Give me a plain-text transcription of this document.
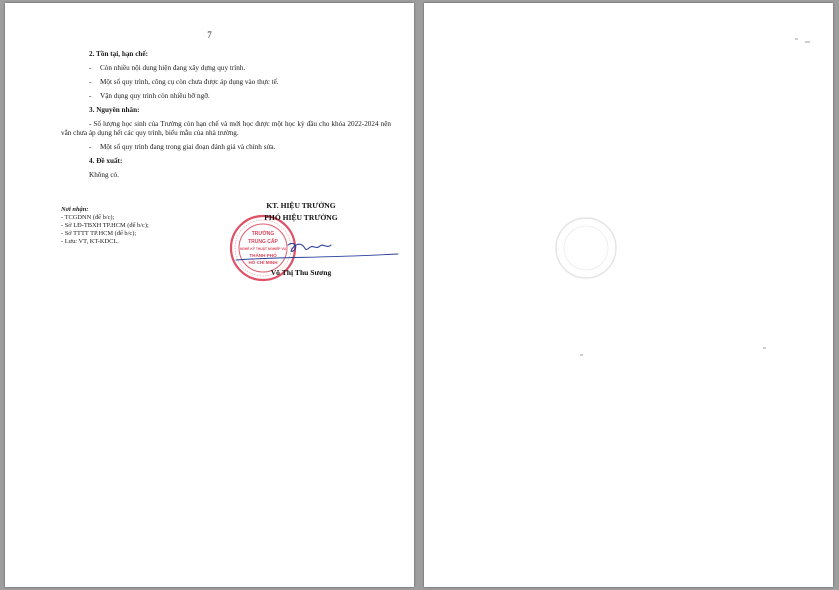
7
2. Tồn tại, hạn chế:
-	Còn nhiều nội dung hiện đang xây dựng quy trình.
-	Một số quy trình, công cụ còn chưa được áp dụng vào thực tế.
-	Vận dụng quy trình còn nhiều bỡ ngỡ.
3. Nguyên nhân:
- Số lượng học sinh của Trường còn hạn chế và mới học được một học kỳ đầu cho khóa 2022-2024 nên vẫn chưa áp dụng hết các quy trình, biểu mẫu của nhà trường.
-	Một số quy trình đang trong giai đoạn đánh giá và chỉnh sửa.
4. Đề xuất:
Không có.
Nơi nhận:
- TCGDNN (để b/c);
- Sở LĐ-TBXH TP.HCM (để b/c);
- Sở TTTT TP.HCM (để b/c);
- Lưu: VT, KT-KDCL.
TRƯỜNG
TRUNG CẤP
NGHỀ KỸ THUẬT NGHIỆP VỤ
THÀNH PHỐ
HỒ CHÍ MINH
KT. HIỆU TRƯỞNG
PHÓ HIỆU TRƯỞNG
Võ Thị Thu Sương
